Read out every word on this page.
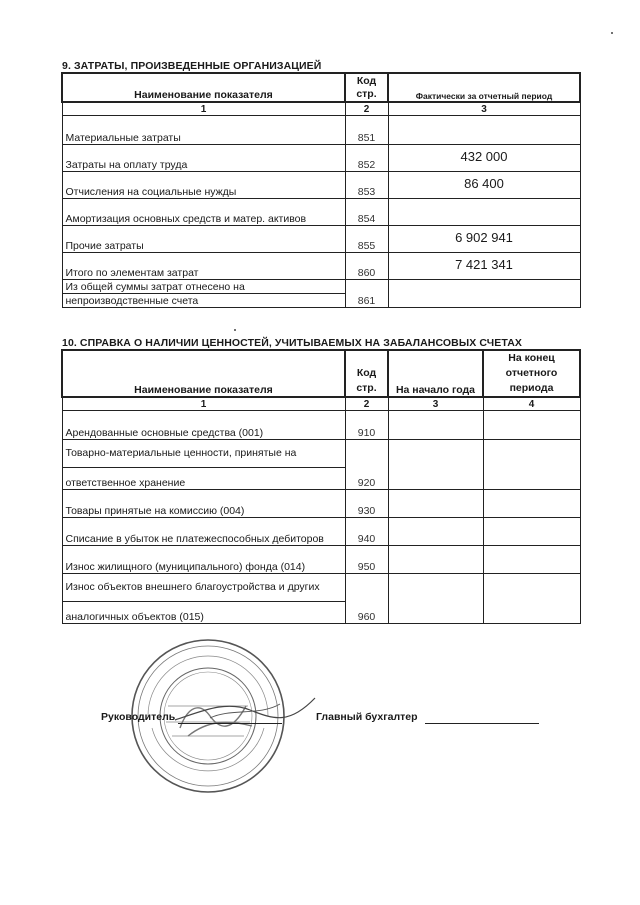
9. ЗАТРАТЫ, ПРОИЗВЕДЕННЫЕ ОРГАНИЗАЦИЕЙ
Наименование показателя	Код стр.	Фактически за отчетный период
1	2	3
Материальные затраты	851	
Затраты на оплату труда	852	432 000
Отчисления на социальные нужды	853	86 400
Амортизация основных средств и матер. активов	854	
Прочие затраты	855	6 902 941
Итого по элементам затрат	860	7 421 341
Из общей суммы затрат отнесено на	861	
непроизводственные счета		
10. СПРАВКА О НАЛИЧИИ ЦЕННОСТЕЙ, УЧИТЫВАЕМЫХ НА ЗАБАЛАНСОВЫХ СЧЕТАХ
Наименование показателя	Код стр.	На начало года	На конец отчетного периода
1	2	3	4
Арендованные основные средства (001)	910		
Товарно-материальные ценности, принятые на	920		
ответственное хранение			
Товары принятые на комиссию (004)	930		
Списание в убыток не платежеспособных дебиторов	940		
Износ жилищного (муниципального) фонда (014)	950		
Износ объектов внешнего благоустройства и других	960		
аналогичных объектов (015)			
Руководитель	Главный бухгалтер
